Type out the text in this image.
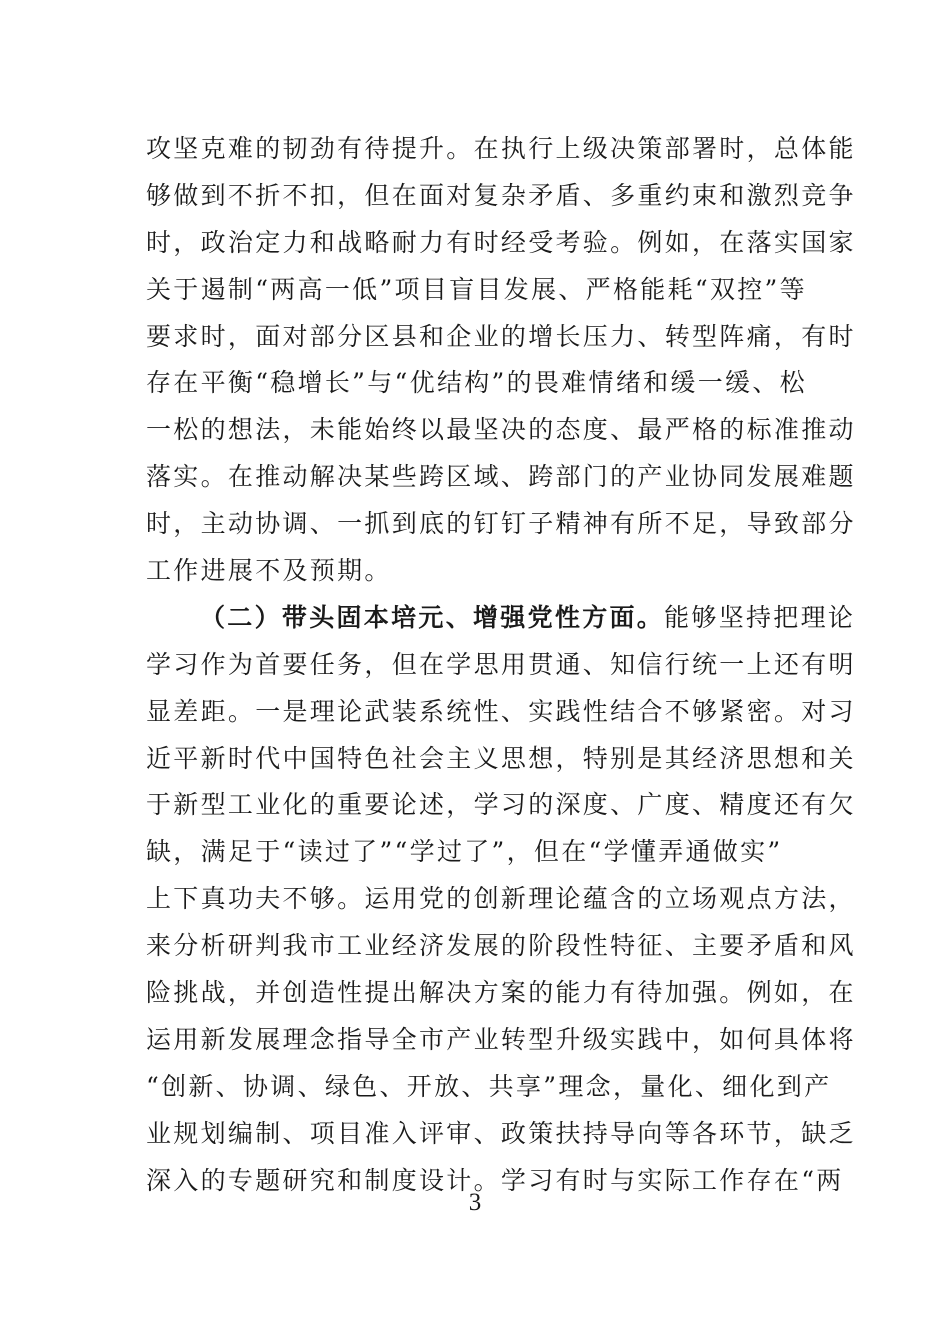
攻坚克难的韧劲有待提升。在执行上级决策部署时，总体能
够做到不折不扣，但在面对复杂矛盾、多重约束和激烈竞争
时，政治定力和战略耐力有时经受考验。例如，在落实国家
关于遏制“两高一低”项目盲目发展、严格能耗“双控”等
要求时，面对部分区县和企业的增长压力、转型阵痛，有时
存在平衡“稳增长”与“优结构”的畏难情绪和缓一缓、松
一松的想法，未能始终以最坚决的态度、最严格的标准推动
落实。在推动解决某些跨区域、跨部门的产业协同发展难题
时，主动协调、一抓到底的钉钉子精神有所不足，导致部分
工作进展不及预期。
（二）带头固本培元、增强党性方面。能够坚持把理论
学习作为首要任务，但在学思用贯通、知信行统一上还有明
显差距。一是理论武装系统性、实践性结合不够紧密。对习
近平新时代中国特色社会主义思想，特别是其经济思想和关
于新型工业化的重要论述，学习的深度、广度、精度还有欠
缺，满足于“读过了”“学过了”，但在“学懂弄通做实”
上下真功夫不够。运用党的创新理论蕴含的立场观点方法，
来分析研判我市工业经济发展的阶段性特征、主要矛盾和风
险挑战，并创造性提出解决方案的能力有待加强。例如，在
运用新发展理念指导全市产业转型升级实践中，如何具体将
“创新、协调、绿色、开放、共享”理念，量化、细化到产
业规划编制、项目准入评审、政策扶持导向等各环节，缺乏
深入的专题研究和制度设计。学习有时与实际工作存在“两
3
